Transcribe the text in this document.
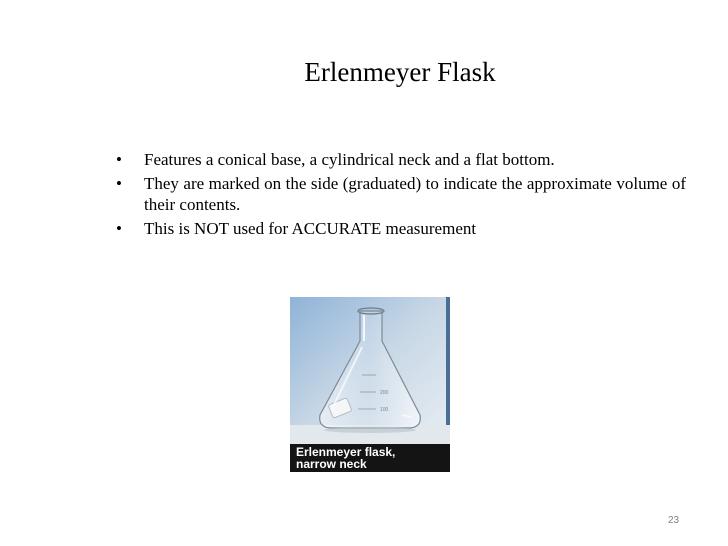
Erlenmeyer Flask
• Features a conical base, a cylindrical neck and a flat bottom.
• They are marked on the side (graduated) to indicate the approximate volume of their contents.
• This is NOT used for ACCURATE measurement
200
100
Erlenmeyer flask,
narrow neck
23
